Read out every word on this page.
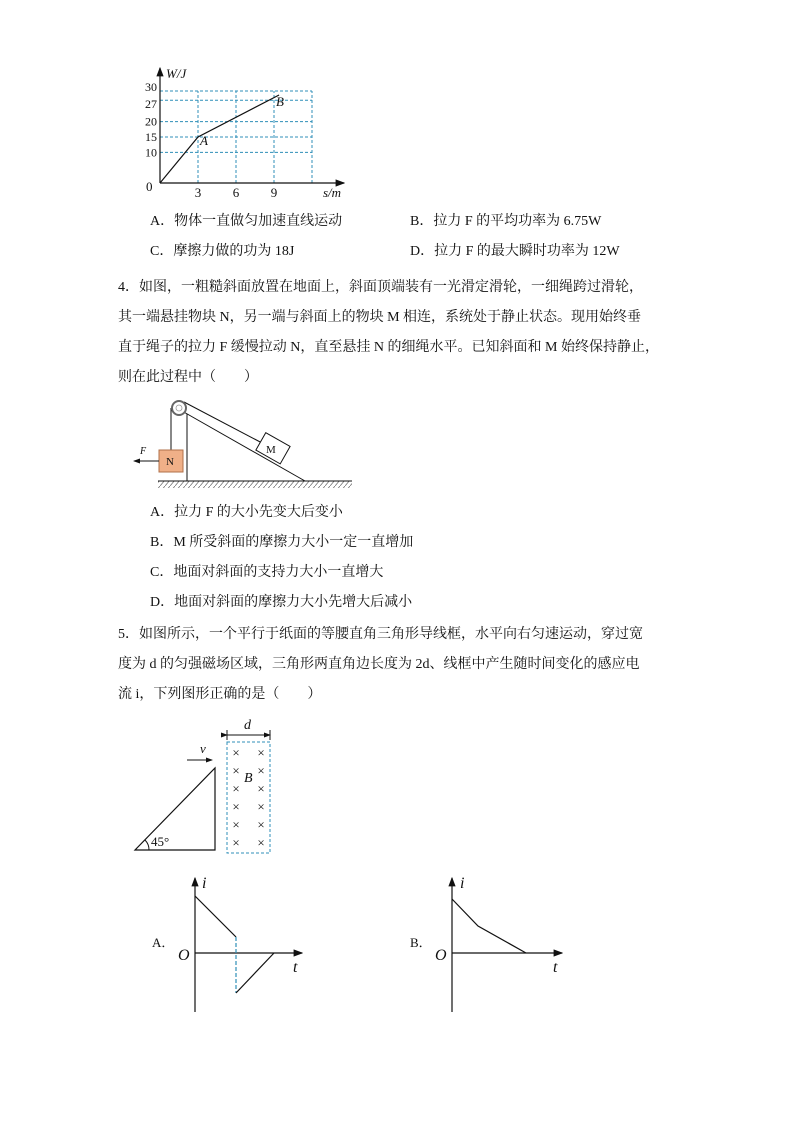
10
15
20
27
30
3 6 9
A
B
W/J
s/m
0
A．物体一直做匀加速直线运动	B．拉力 F 的平均功率为 6.75W
C．摩擦力做的功为 18J	D．拉力 F 的最大瞬时功率为 12W
4．如图，一粗糙斜面放置在地面上，斜面顶端装有一光滑定滑轮，一细绳跨过滑轮，
其一端悬挂物块 N，另一端与斜面上的物块 M 相连，系统处于静止状态。现用始终垂
直于绳子的拉力 F 缓慢拉动 N，直至悬挂 N 的细绳水平。已知斜面和 M 始终保持静止，
则在此过程中（　　）
M
N
F
A．拉力 F 的大小先变大后变小
B．M 所受斜面的摩擦力大小一定一直增加
C．地面对斜面的支持力大小一直增大
D．地面对斜面的摩擦力大小先增大后减小
5．如图所示，一个平行于纸面的等腰直角三角形导线框，水平向右匀速运动，穿过宽
度为 d 的匀强磁场区域，三角形两直角边长度为 2d、线框中产生随时间变化的感应电
流 i，下列图形正确的是（　　）
45°
v
d
×
×
×
×
×
×
×
×
×
×
×
×
B
A．
i
t
O
B．
i
t
O
